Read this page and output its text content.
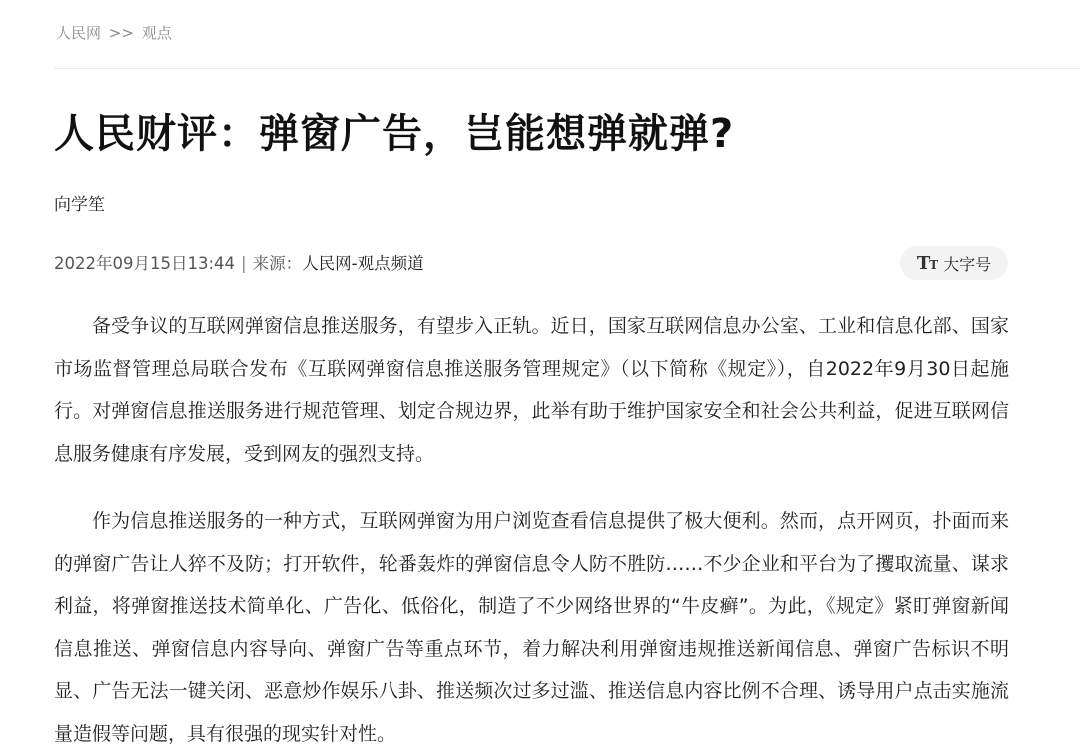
人民网 >> 观点
人民财评：弹窗广告，岂能想弹就弹?
向学笙
2022年09月15日13:44 | 来源：人民网-观点频道	TT 大字号

备受争议的互联网弹窗信息推送服务，有望步入正轨。近日，国家互联网信息办公室、工业和信息化部、国家市场监督管理总局联合发布《互联网弹窗信息推送服务管理规定》（以下简称《规定》），自2022年9月30日起施行。对弹窗信息推送服务进行规范管理、划定合规边界，此举有助于维护国家安全和社会公共利益，促进互联网信息服务健康有序发展，受到网友的强烈支持。

作为信息推送服务的一种方式，互联网弹窗为用户浏览查看信息提供了极大便利。然而，点开网页，扑面而来的弹窗广告让人猝不及防；打开软件，轮番轰炸的弹窗信息令人防不胜防……不少企业和平台为了攫取流量、谋求利益，将弹窗推送技术简单化、广告化、低俗化，制造了不少网络世界的“牛皮癣”。为此，《规定》紧盯弹窗新闻信息推送、弹窗信息内容导向、弹窗广告等重点环节，着力解决利用弹窗违规推送新闻信息、弹窗广告标识不明显、广告无法一键关闭、恶意炒作娱乐八卦、推送频次过多过滥、推送信息内容比例不合理、诱导用户点击实施流量造假等问题，具有很强的现实针对性。
